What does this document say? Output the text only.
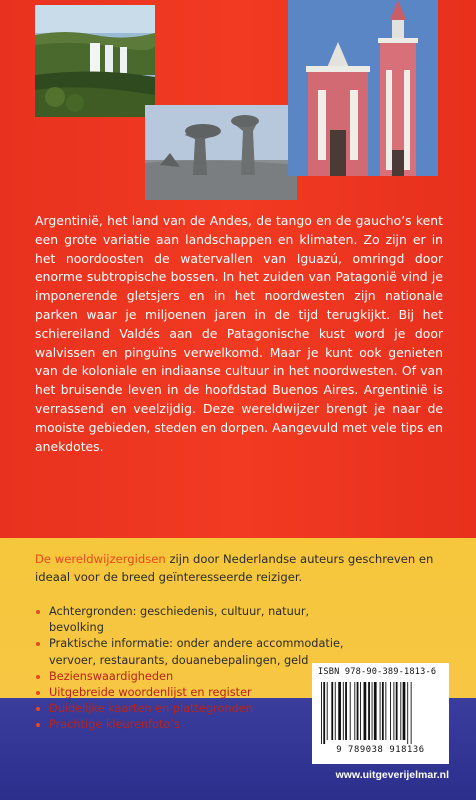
Argentinië, het land van de Andes, de tango en de gaucho’s kent een grote variatie aan landschappen en klimaten. Zo zijn er in het noordoosten de watervallen van Iguazú, omringd door enorme subtropische bossen. In het zuiden van Patagonië vind je imponerende gletsjers en in het noordwesten zijn nationale parken waar je miljoenen jaren in de tijd terugkijkt. Bij het schiereiland Valdés aan de Patagonische kust word je door walvissen en pinguïns verwelkomd. Maar je kunt ook genieten van de koloniale en indiaanse cultuur in het noordwesten. Of van het bruisende leven in de hoofdstad Buenos Aires. Argentinië is verrassend en veelzijdig. Deze wereldwijzer brengt je naar de mooiste gebieden, steden en dorpen. Aangevuld met vele tips en anekdotes.

De wereldwijzergidsen zijn door Nederlandse auteurs geschreven en ideaal voor de breed geïnteresseerde reiziger.

Achtergronden: geschiedenis, cultuur, natuur, bevolking
Praktische informatie: onder andere accommodatie, vervoer, restaurants, douanebepalingen, geld
Bezienswaardigheden
Uitgebreide woordenlijst en register
Duidelijke kaarten en plattegronden
Prachtige kleurenfoto’s
ISBN 978-90-389-1813-6
9 789038 918136
www.uitgeverijelmar.nl
